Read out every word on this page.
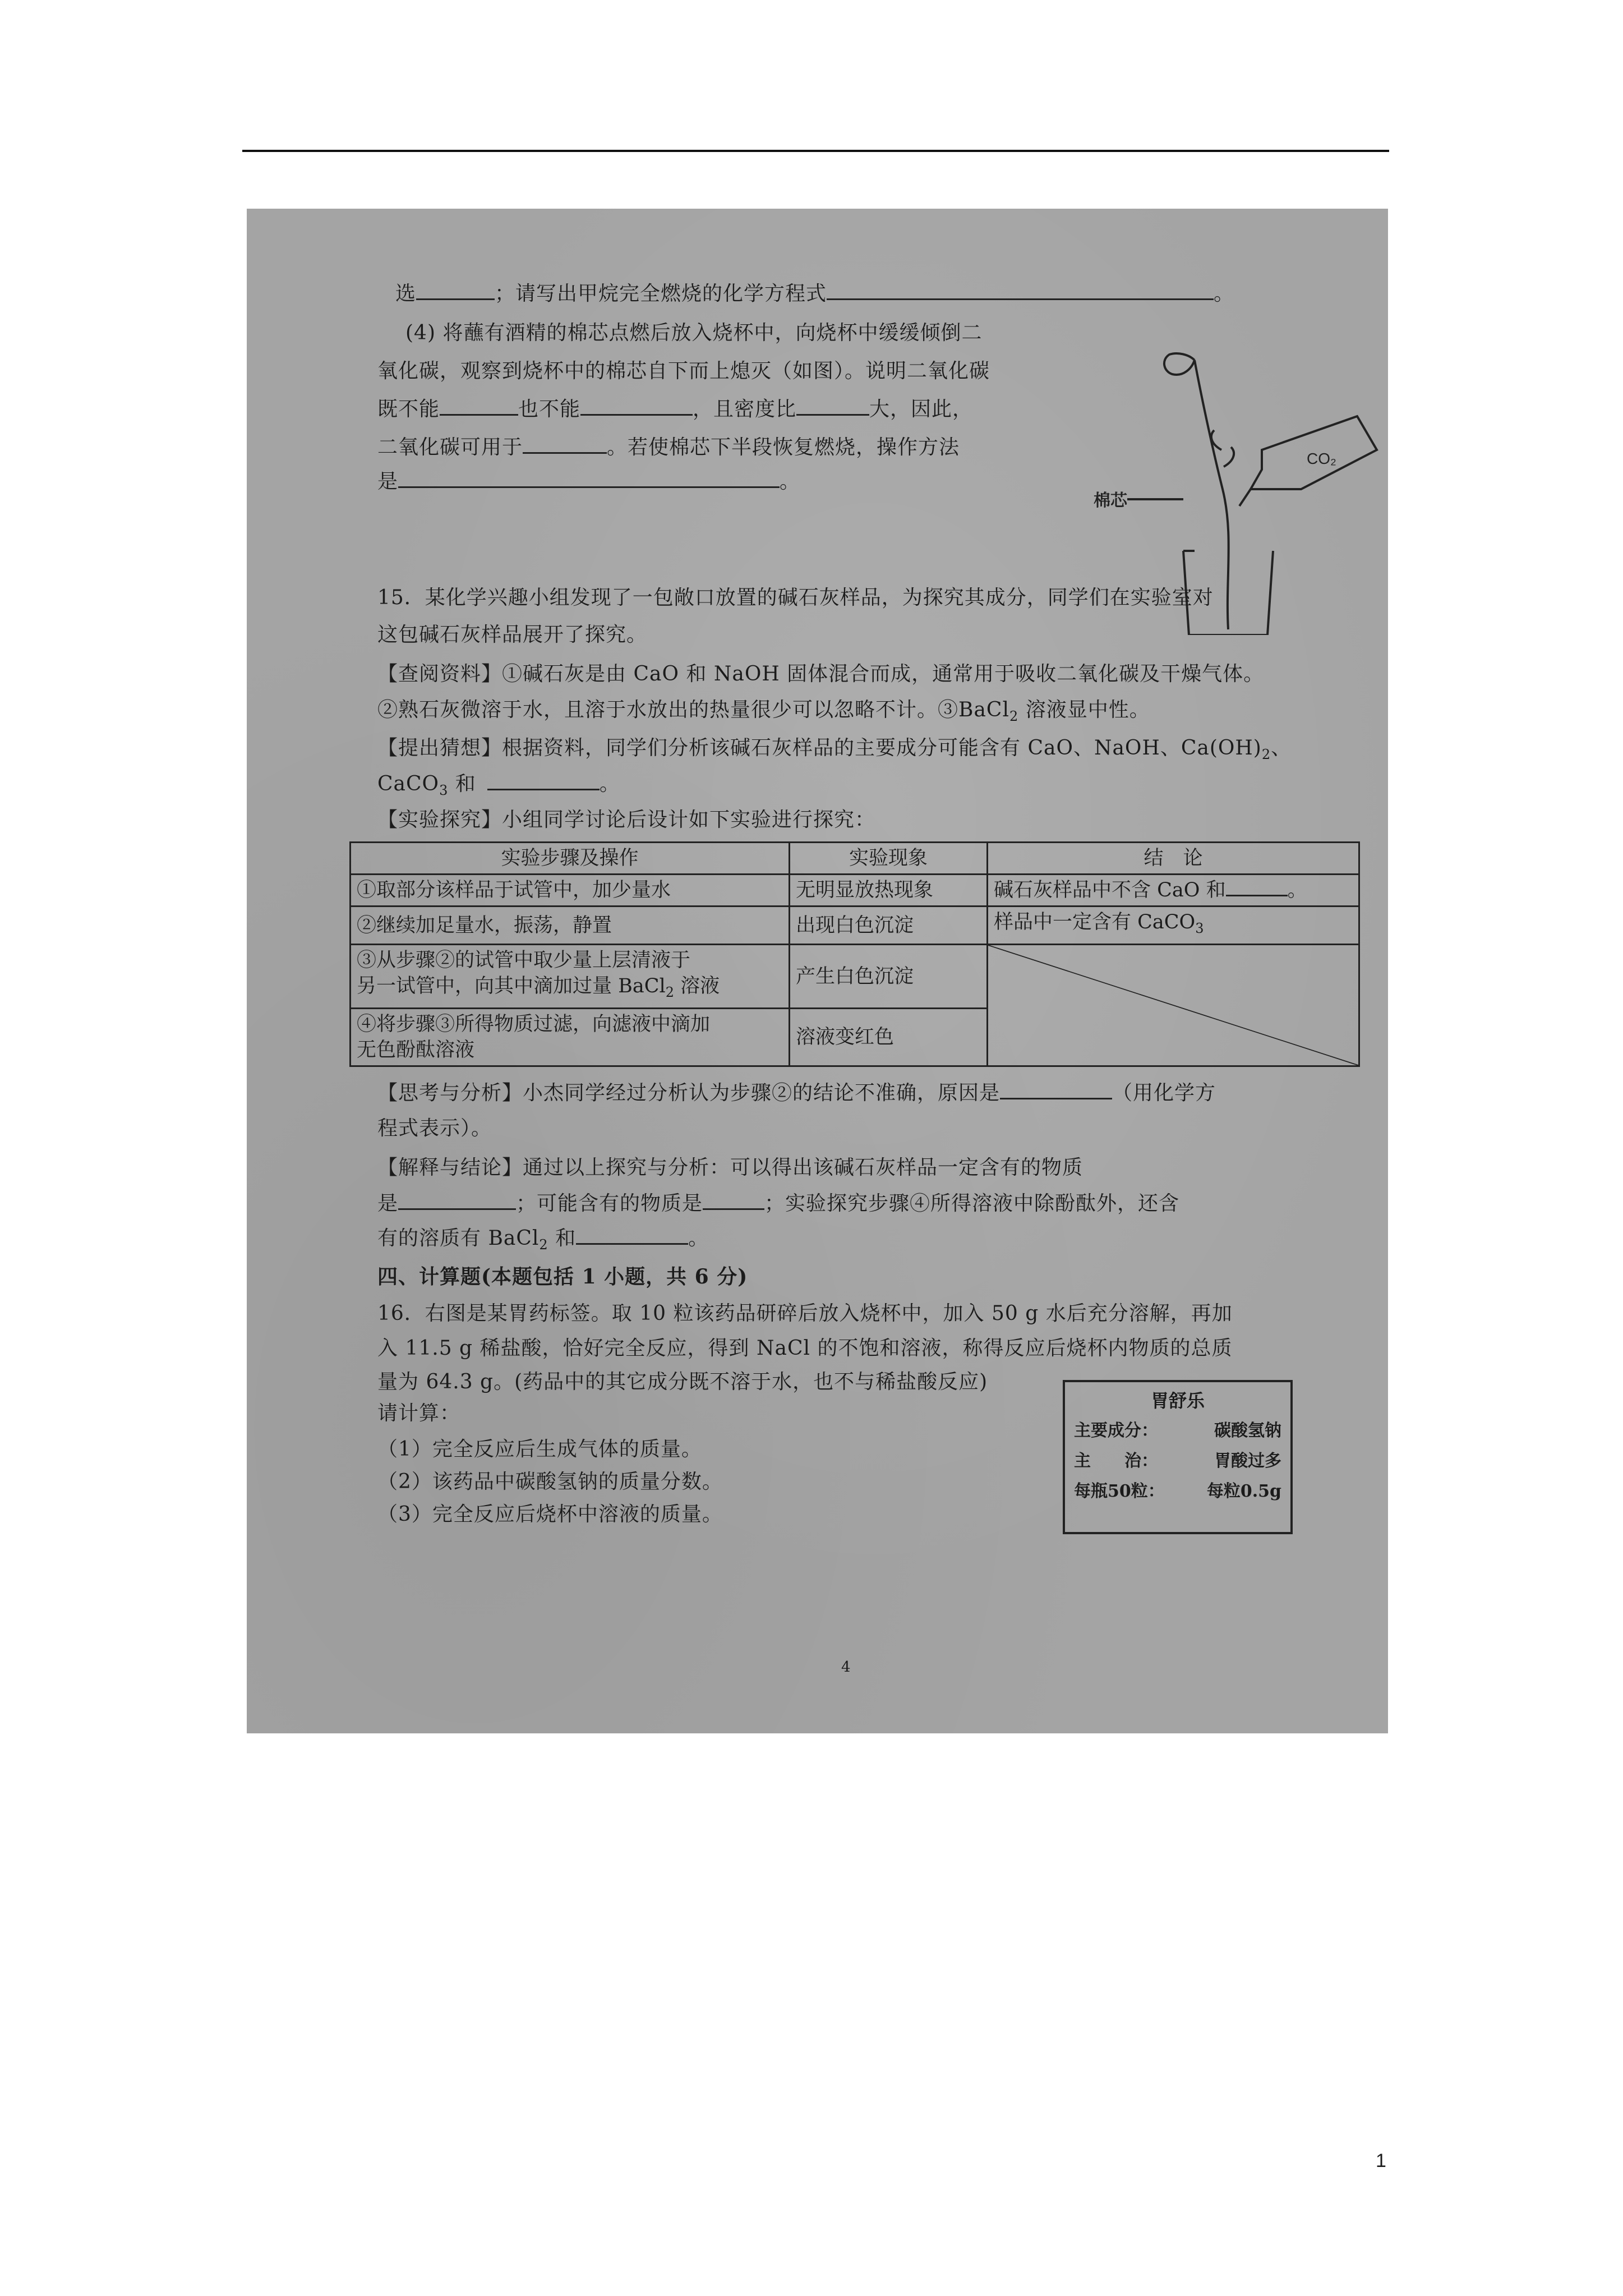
选	；请写出甲烷完全燃烧的化学方程式	。
(4) 将蘸有酒精的棉芯点燃后放入烧杯中，向烧杯中缓缓倾倒二
氧化碳，观察到烧杯中的棉芯自下而上熄灭（如图）。说明二氧化碳
既不能	也不能	，且密度比	大，因此，
二氧化碳可用于	。若使棉芯下半段恢复燃烧，操作方法
是	。
CO₂
棉芯
15．某化学兴趣小组发现了一包敞口放置的碱石灰样品，为探究其成分，同学们在实验室对
这包碱石灰样品展开了探究。
【查阅资料】①碱石灰是由 CaO 和 NaOH 固体混合而成，通常用于吸收二氧化碳及干燥气体。
②熟石灰微溶于水，且溶于水放出的热量很少可以忽略不计。③BaCl$_2$ 溶液显中性。
【提出猜想】根据资料，同学们分析该碱石灰样品的主要成分可能含有 CaO、NaOH、$Ca(OH)_2$、
CaCO$_3$ 和	。
【实验探究】小组同学讨论后设计如下实验进行探究：
实验步骤及操作	实验现象	结　论
①取部分该样品于试管中，加少量水	无明显放热现象	碱石灰样品中不含 CaO 和 。
②继续加足量水，振荡，静置	出现白色沉淀	样品中一定含有 CaCO$_3$

③从步骤②的试管中取少量上层清液于
另一试管中，向其中滴加过量 BaCl$_2$ 溶液	产生白色沉淀	

④将步骤③所得物质过滤，向滤液中滴加
无色酚酞溶液	溶液变红色	
【思考与分析】小杰同学经过分析认为步骤②的结论不准确，原因是	（用化学方
程式表示）。
【解释与结论】通过以上探究与分析：可以得出该碱石灰样品一定含有的物质
是	；可能含有的物质是	；实验探究步骤④所得溶液中除酚酞外，还含
有的溶质有 BaCl$_2$ 和	。
四、计算题(本题包括 1 小题，共 6 分)
16．右图是某胃药标签。取 10 粒该药品研碎后放入烧杯中，加入 50 g 水后充分溶解，再加
入 11.5 g 稀盐酸，恰好完全反应，得到 NaCl 的不饱和溶液，称得反应后烧杯内物质的总质
量为 64.3 g。(药品中的其它成分既不溶于水，也不与稀盐酸反应)
请计算：
（1）完全反应后生成气体的质量。
（2）该药品中碳酸氢钠的质量分数。
（3）完全反应后烧杯中溶液的质量。
胃舒乐
主要成分：	碳酸氢钠
主　　治：	胃酸过多
每瓶50粒：	每粒0.5g
4
1
